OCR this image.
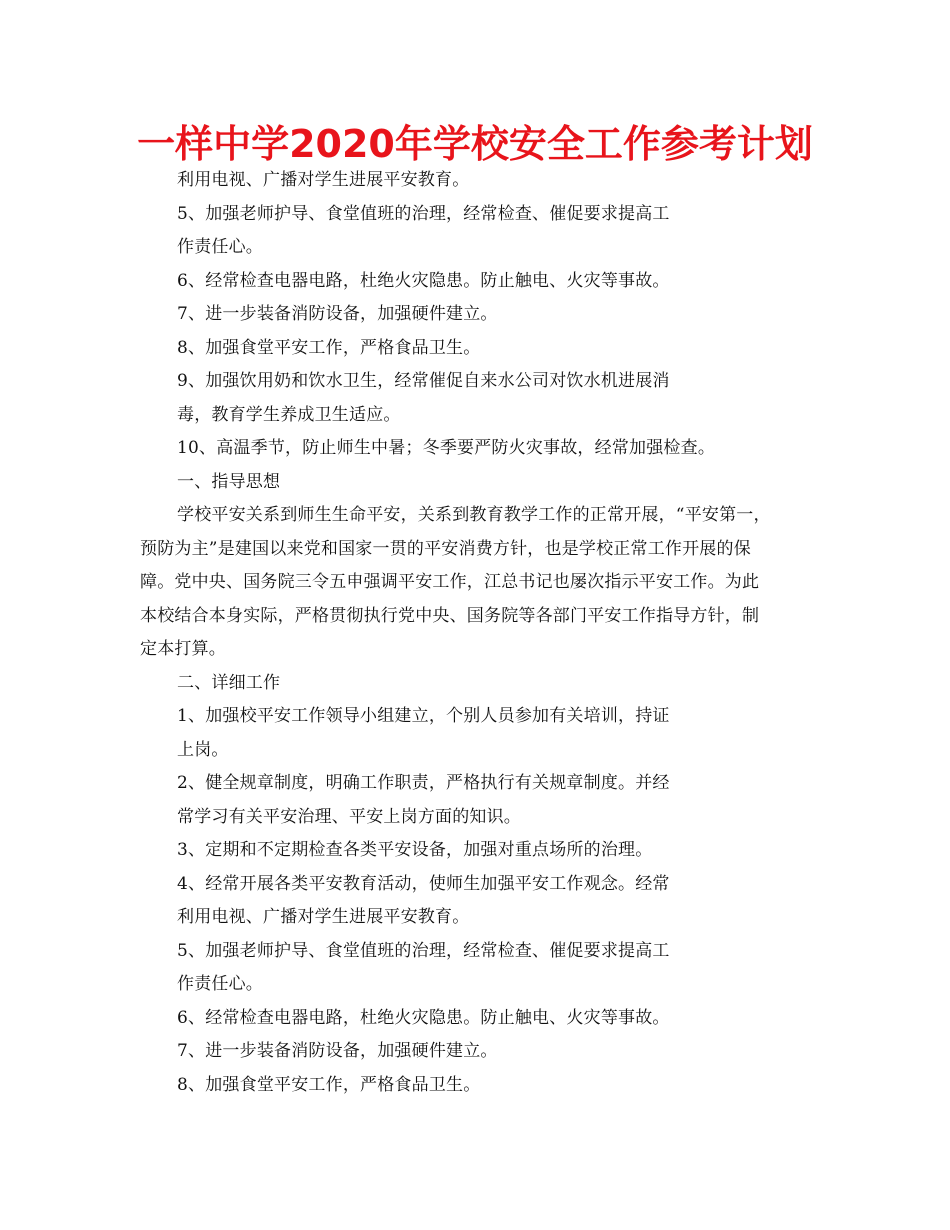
一样中学2020年学校安全工作参考计划
利用电视、广播对学生进展平安教育。
5、加强老师护导、食堂值班的治理，经常检查、催促要求提高工
作责任心。
6、经常检查电器电路，杜绝火灾隐患。防止触电、火灾等事故。
7、进一步装备消防设备，加强硬件建立。
8、加强食堂平安工作，严格食品卫生。
9、加强饮用奶和饮水卫生，经常催促自来水公司对饮水机进展消
毒，教育学生养成卫生适应。
10、高温季节，防止师生中暑；冬季要严防火灾事故，经常加强检查。
一、指导思想
学校平安关系到师生生命平安，关系到教育教学工作的正常开展，“平安第一，
预防为主”是建国以来党和国家一贯的平安消费方针，也是学校正常工作开展的保
障。党中央、国务院三令五申强调平安工作，江总书记也屡次指示平安工作。为此
本校结合本身实际，严格贯彻执行党中央、国务院等各部门平安工作指导方针，制
定本打算。
二、详细工作
1、加强校平安工作领导小组建立，个别人员参加有关培训，持证
上岗。
2、健全规章制度，明确工作职责，严格执行有关规章制度。并经
常学习有关平安治理、平安上岗方面的知识。
3、定期和不定期检查各类平安设备，加强对重点场所的治理。
4、经常开展各类平安教育活动，使师生加强平安工作观念。经常
利用电视、广播对学生进展平安教育。
5、加强老师护导、食堂值班的治理，经常检查、催促要求提高工
作责任心。
6、经常检查电器电路，杜绝火灾隐患。防止触电、火灾等事故。
7、进一步装备消防设备，加强硬件建立。
8、加强食堂平安工作，严格食品卫生。
